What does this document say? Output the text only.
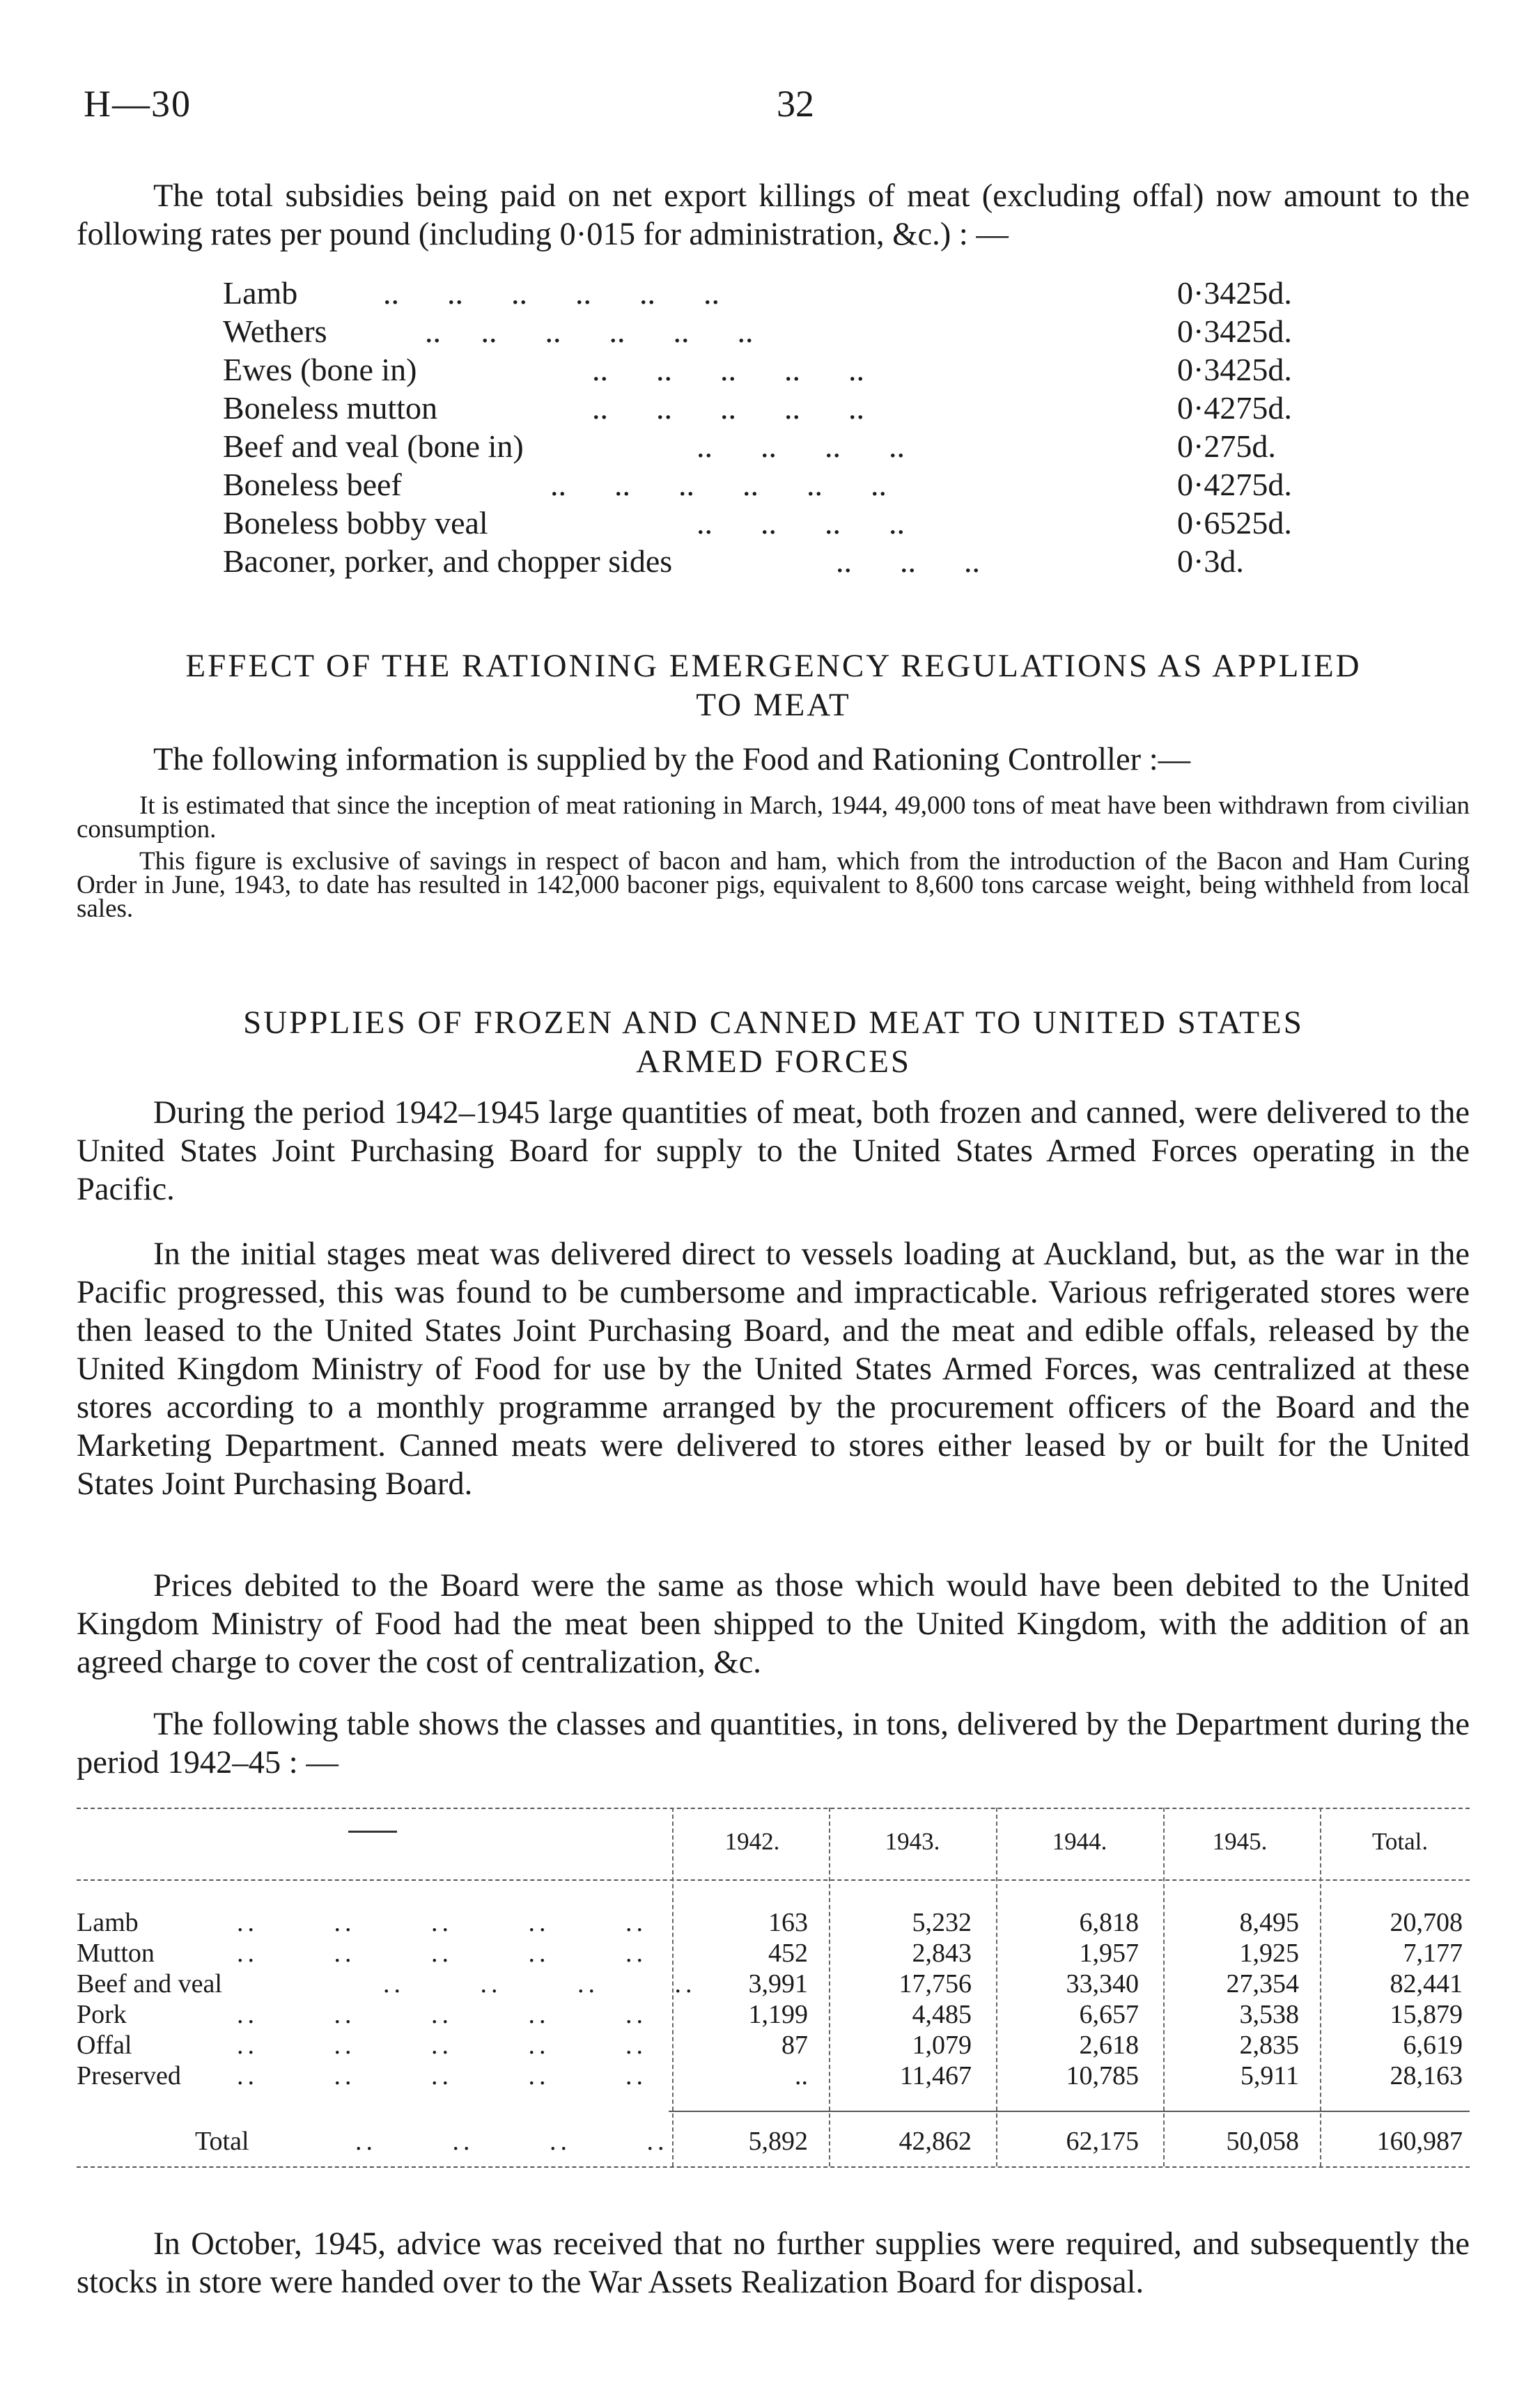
H—30	32

The total subsidies being paid on net export killings of meat (excluding offal) now amount to the following rates per pound (including 0·015 for administration, &c.) : —

Lamb	..      ..      ..      ..      ..      ..	0·3425d.
Wethers	..     ..      ..      ..      ..      ..	0·3425d.
Ewes (bone in)	..      ..      ..      ..      ..	0·3425d.
Boneless mutton	..      ..      ..      ..      ..	0·4275d.
Beef and veal (bone in)	..      ..      ..      ..	0·275d.
Boneless beef	..      ..      ..      ..      ..      ..	0·4275d.
Boneless bobby veal	..      ..      ..      ..	0·6525d.
Baconer, porker, and chopper sides	..      ..      ..	0·3d.
EFFECT OF THE RATIONING EMERGENCY REGULATIONS AS APPLIED TO MEAT

The following information is supplied by the Food and Rationing Controller :—

It is estimated that since the inception of meat rationing in March, 1944, 49,000 tons of meat have been withdrawn from civilian consumption.

This figure is exclusive of savings in respect of bacon and ham, which from the introduction of the Bacon and Ham Curing Order in June, 1943, to date has resulted in 142,000 baconer pigs, equivalent to 8,600 tons carcase weight, being withheld from local sales.

SUPPLIES OF FROZEN AND CANNED MEAT TO UNITED STATES ARMED FORCES

During the period 1942–1945 large quantities of meat, both frozen and canned, were delivered to the United States Joint Purchasing Board for supply to the United States Armed Forces operating in the Pacific.

In the initial stages meat was delivered direct to vessels loading at Auckland, but, as the war in the Pacific progressed, this was found to be cumbersome and impracticable. Various refrigerated stores were then leased to the United States Joint Purchasing Board, and the meat and edible offals, released by the United Kingdom Ministry of Food for use by the United States Armed Forces, was centralized at these stores according to a monthly programme arranged by the procurement officers of the Board and the Marketing Department. Canned meats were delivered to stores either leased by or built for the United States Joint Purchasing Board.

Prices debited to the Board were the same as those which would have been debited to the United Kingdom Ministry of Food had the meat been shipped to the United Kingdom, with the addition of an agreed charge to cover the cost of centralization, &c.

The following table shows the classes and quantities, in tons, delivered by the Department during the period 1942–45 : —

1942.	1943.	1944.	1945.	Total.
Lamb	..       ..       ..       ..       ..	163	5,232	6,818	8,495	20,708
Mutton	..       ..       ..       ..       ..	452	2,843	1,957	1,925	7,177
Beef and veal	..       ..       ..       ..	3,991	17,756	33,340	27,354	82,441
Pork	..       ..       ..       ..       ..	1,199	4,485	6,657	3,538	15,879
Offal	..       ..       ..       ..       ..	87	1,079	2,618	2,835	6,619
Preserved ..       ..       ..       ..       ..	..	11,467	10,785	5,911	28,163
Total	..       ..       ..       ..	5,892	42,862	62,175	50,058	160,987

In October, 1945, advice was received that no further supplies were required, and subsequently the stocks in store were handed over to the War Assets Realization Board for disposal.
